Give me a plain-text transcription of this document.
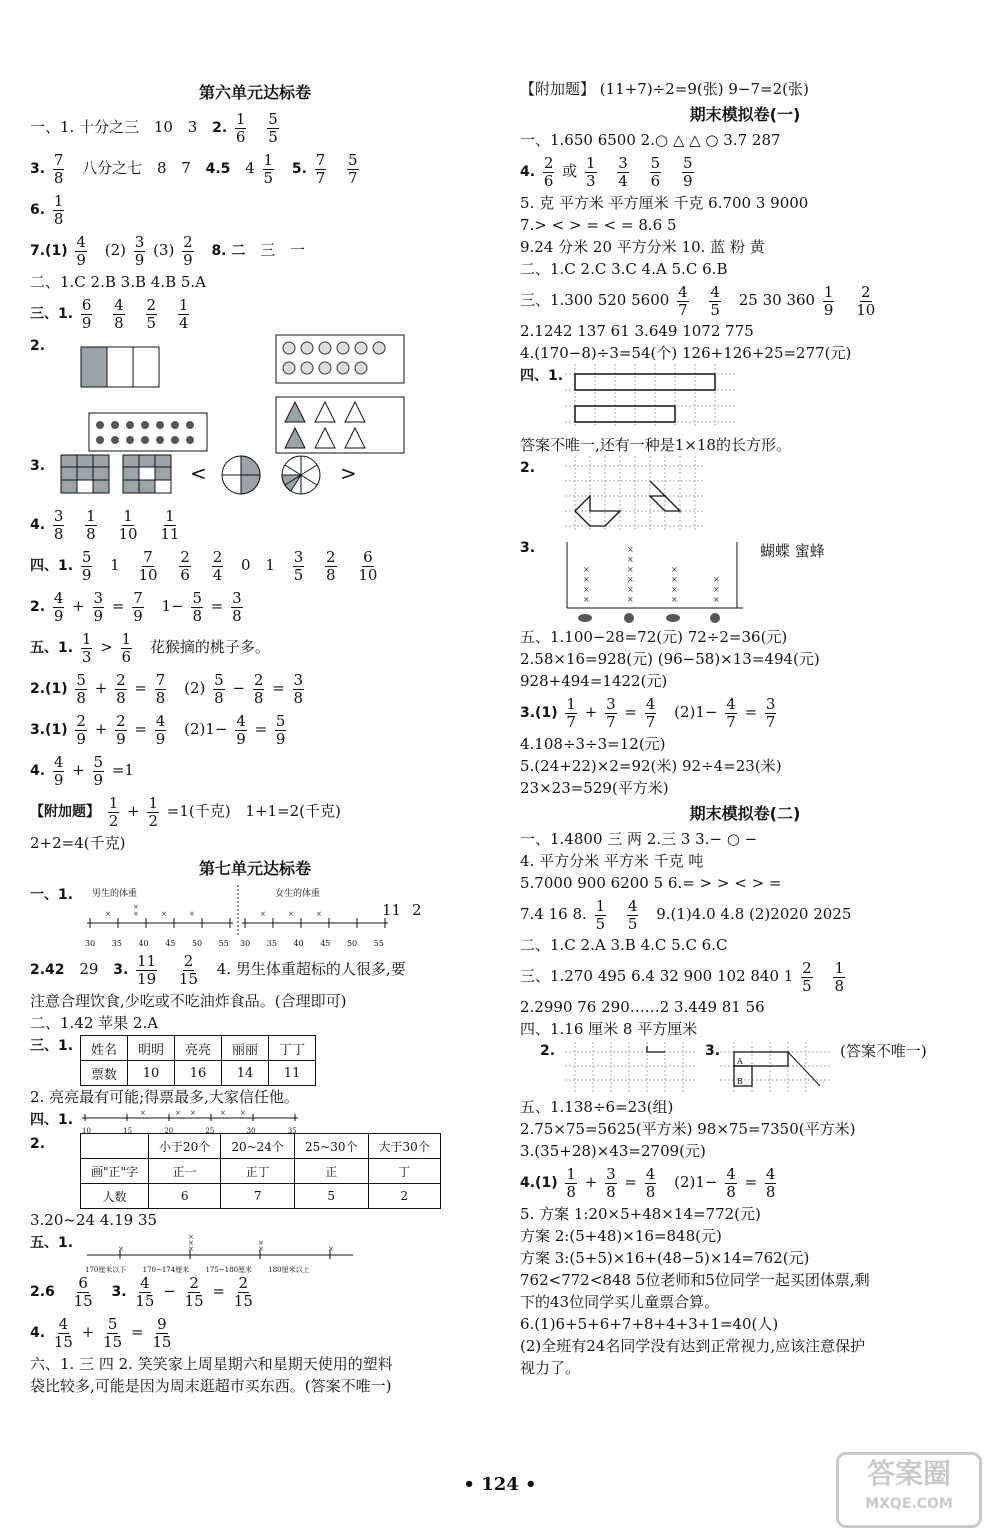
第六单元达标卷
一、1. 十分之三 10 3 2. $\frac{1}{6}$
$\frac{5}{5}$
3. $\frac{7}{8}$ 八分之七 8 7 4.5 $4 \frac{1}{5} 5$. $\frac{7}{7}$
$\frac{5}{7}$
6. $\frac{1}{8}$
$7.(1) \frac{4}{9} (2) \frac{3}{9} (3) \frac{2}{9} 8$. 二 三 一
二、1.C 2.B 3.B 4.B 5.A
三、1. $\frac{6}{9}$
$\frac{4}{8}$
$\frac{2}{5}$
$\frac{1}{4}$
2.
3.	<	>
4. $\frac{3}{8}$
$\frac{1}{8}$
$\frac{1}{10}$
$\frac{1}{11}$
四、1. $\frac{5}{9} 1 \frac{7}{10}$
$\frac{2}{6}$
$\frac{2}{4} 0$ $1 \frac{3}{5}$
$\frac{2}{8}$
$\frac{6}{10}$
2. $\frac{4}{9} + \frac{3}{9} = \frac{7}{9} 1- \frac{5}{8} = \frac{3}{8}$
五、1. $\frac{1}{3} > \frac{1}{6}$ 花猴摘的桃子多。
$2.(1) \frac{5}{8} + \frac{2}{8} = \frac{7}{8} (2) \frac{5}{8} - \frac{2}{8} = \frac{3}{8}$
$3.(1) \frac{2}{9} + \frac{2}{9} = \frac{4}{9} (2)1- \frac{4}{9} = \frac{5}{9}$
4. $\frac{4}{9} + \frac{5}{9} =1$
【附加题】 $\frac{1}{2} + \frac{1}{2} =1$(千克) 1+1=2(千克)
2+2=4(千克)
第七单元达标卷
一、1. 男生的体重	女生的体重
×	×
×
×	×	×	×	×
30 35 40 45 50 55 30 35 40 45 50 55
11 2
2.42 29 3. $\frac{11}{19}$
$\frac{2}{15} 4$. 男生体重超标的人很多,要
注意合理饮食,少吃或不吃油炸食品。(合理即可)
二、1.42 苹果 2.A
三、1.	姓名	明明	亮亮	丽丽	丁丁
票数	10	16	14	11
2. 亮亮最有可能;得票最多,大家信任他。
四、1.	×	× ×	× ×
10	15	20	25	30	35
2.
		小于20个	20~24个	25~30个	大于30个
画"正"字	正一	正丁	正	丁
人数	6	7	5	2
3.20~24 4.19 35
五、1.	×	×
×
×
×
×
×
170厘米以下 170~174厘米 175~180厘米 180厘米以上
$2.6 \frac{6}{15} 3$. $\frac{4}{15} - \frac{2}{15} = \frac{2}{15}$
4. $\frac{4}{15} + \frac{5}{15} = \frac{9}{15}$
六、1. 三 四 2. 笑笑家上周星期六和星期天使用的塑料
袋比较多,可能是因为周末逛超市买东西。(答案不唯一)
【附加题】 (11+7)÷2=9(张) 9−7=2(张)
期末模拟卷(一)
一、1.650 6500 2.○ △ △ ○ 3.7 287
4. $\frac{2}{6}$ 或 $\frac{1}{3}$
$\frac{3}{4}$
$\frac{5}{6}$
$\frac{5}{9}$
5. 克 平方米 平方厘米 千克 6.700 3 9000
7.> < > = < = 8.6 5
9.24 分米 20 平方分米 10. 蓝 粉 黄
二、1.C 2.C 3.C 4.A 5.C 6.B
三、1.300 520 $5600 \frac{4}{7}$
$\frac{4}{5} 25$ 30 $360 \frac{1}{9}$
$\frac{2}{10}$
2.1242 137 61 3.649 1072 775
4.(170−8)÷3=54(个) 126+126+25=277(元)
四、1.
答案不唯一,还有一种是1×18的长方形。
2.
3.	蝴蝶 蜜蜂
×
×
×
×
×
×
×
×
×
×
×
×
×
×
×
×
×
五、1.100−28=72(元) 72÷2=36(元)
2.58×16=928(元) (96−58)×13=494(元)
928+494=1422(元)
$3.(1) \frac{1}{7} + \frac{3}{7} = \frac{4}{7} (2)1- \frac{4}{7} = \frac{3}{7}$
4.108÷3÷3=12(元)
5.(24+22)×2=92(米) 92÷4=23(米)
23×23=529(平方米)
期末模拟卷(二)
一、1.4800 三 两 2.三 3 3.− ○ −
4. 平方分米 平方米 千克 吨
5.7000 900 6200 5 6.= > > < > =
7.4 16 8. $\frac{1}{5}$
$\frac{4}{5} 9.(1)4.0$ 4.8 (2)2020 2025
二、1.C 2.A 3.B 4.C 5.C 6.C
三、1.270 495 6.4 32 900 102 840 $1 \frac{2}{5}$
$\frac{1}{8}$
2.2990 76 290……2 3.449 81 56
四、1.16 厘米 8 平方厘米
2.	3.
A
B
(答案不唯一)
五、1.138÷6=23(组)
2.75×75=5625(平方米) 98×75=7350(平方米)
3.(35+28)×43=2709(元)
$4.(1) \frac{1}{8} + \frac{3}{8} = \frac{4}{8} (2)1- \frac{4}{8} = \frac{4}{8}$
5. 方案 1:20×5+48×14=772(元)
方案 2:(5+48)×16=848(元)
方案 3:(5+5)×16+(48−5)×14=762(元)
762<772<848 5位老师和5位同学一起买团体票,剩
下的43位同学买儿童票合算。
6.(1)6+5+6+7+8+4+3+1=40(人)
(2)全班有24名同学没有达到正常视力,应该注意保护
视力了。
• 124 •	答案圈
MXQE.COM
